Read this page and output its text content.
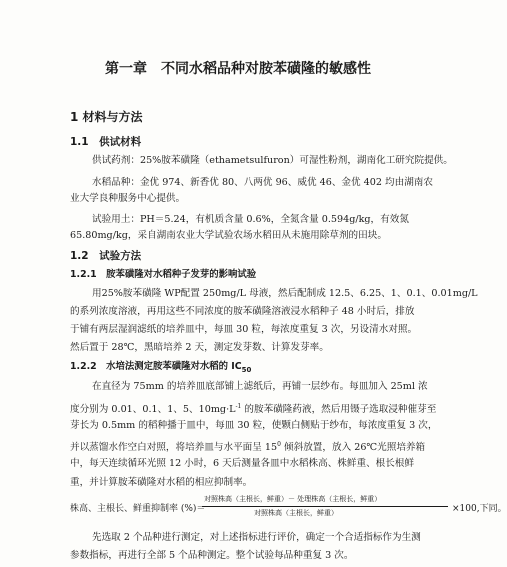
第一章　不同水稻品种对胺苯磺隆的敏感性
1 材料与方法
1.1　供试材料
供试药剂：25%胺苯磺隆（ethametsulfuron）可湿性粉剂，湖南化工研究院提供。
水稻品种：金优 974、新香优 80、八两优 96、威优 46、金优 402 均由湖南农
业大学良种服务中心提供。
试验用土：PH＝5.24，有机质含量 0.6%，全氮含量 0.594g/kg，有效氮
65.80mg/kg，采自湖南农业大学试验农场水稻田从未施用除草剂的田块。
1.2　试验方法
1.2.1　胺苯磺隆对水稻种子发芽的影响试验
用25%胺苯磺隆 WP配置 250mg/L 母液，然后配制成 12.5、6.25、1、0.1、0.01mg/L
的系列浓度溶液，再用这些不同浓度的胺苯磺隆溶液浸水稻种子 48 小时后，排放
于铺有两层湿润滤纸的培养皿中，每皿 30 粒，每浓度重复 3 次，另设清水对照。
然后置于 28℃，黑暗培养 2 天，测定发芽数、计算发芽率。
1.2.2　水培法测定胺苯磺隆对水稻的 $IC_{50}$
在直径为 75mm 的培养皿底部铺上滤纸后，再铺一层纱布。每皿加入 25ml 浓
度分别为 0.01、0.1、1、5、$10mg\cdot L^{-1}$ 的胺苯磺隆药液，然后用镊子选取浸种催芽至
芽长为 0.5mm 的稻种播于皿中，每皿 30 粒，使颗白侧贴于纱布，每浓度重复 3 次，
并以蒸馏水作空白对照，将培养皿与水平面呈 $15^0$ 倾斜放置，放入 26℃光照培养箱
中，每天连续循环光照 12 小时，6 天后测量各皿中水稻株高、株鲜重、根长根鲜
重，并计算胺苯磺隆对水稻的相应抑制率。
株高、主根长、鲜重抑制率 (%)＝
对照株高（主根长，鲜重）－ 处理株高（主根长，鲜重）
对照株高（主根长，鲜重）	×100,下同。
先选取 2 个品种进行测定，对上述指标进行评价，确定一个合适指标作为生测
参数指标，再进行全部 5 个品种测定。整个试验每品种重复 3 次。
